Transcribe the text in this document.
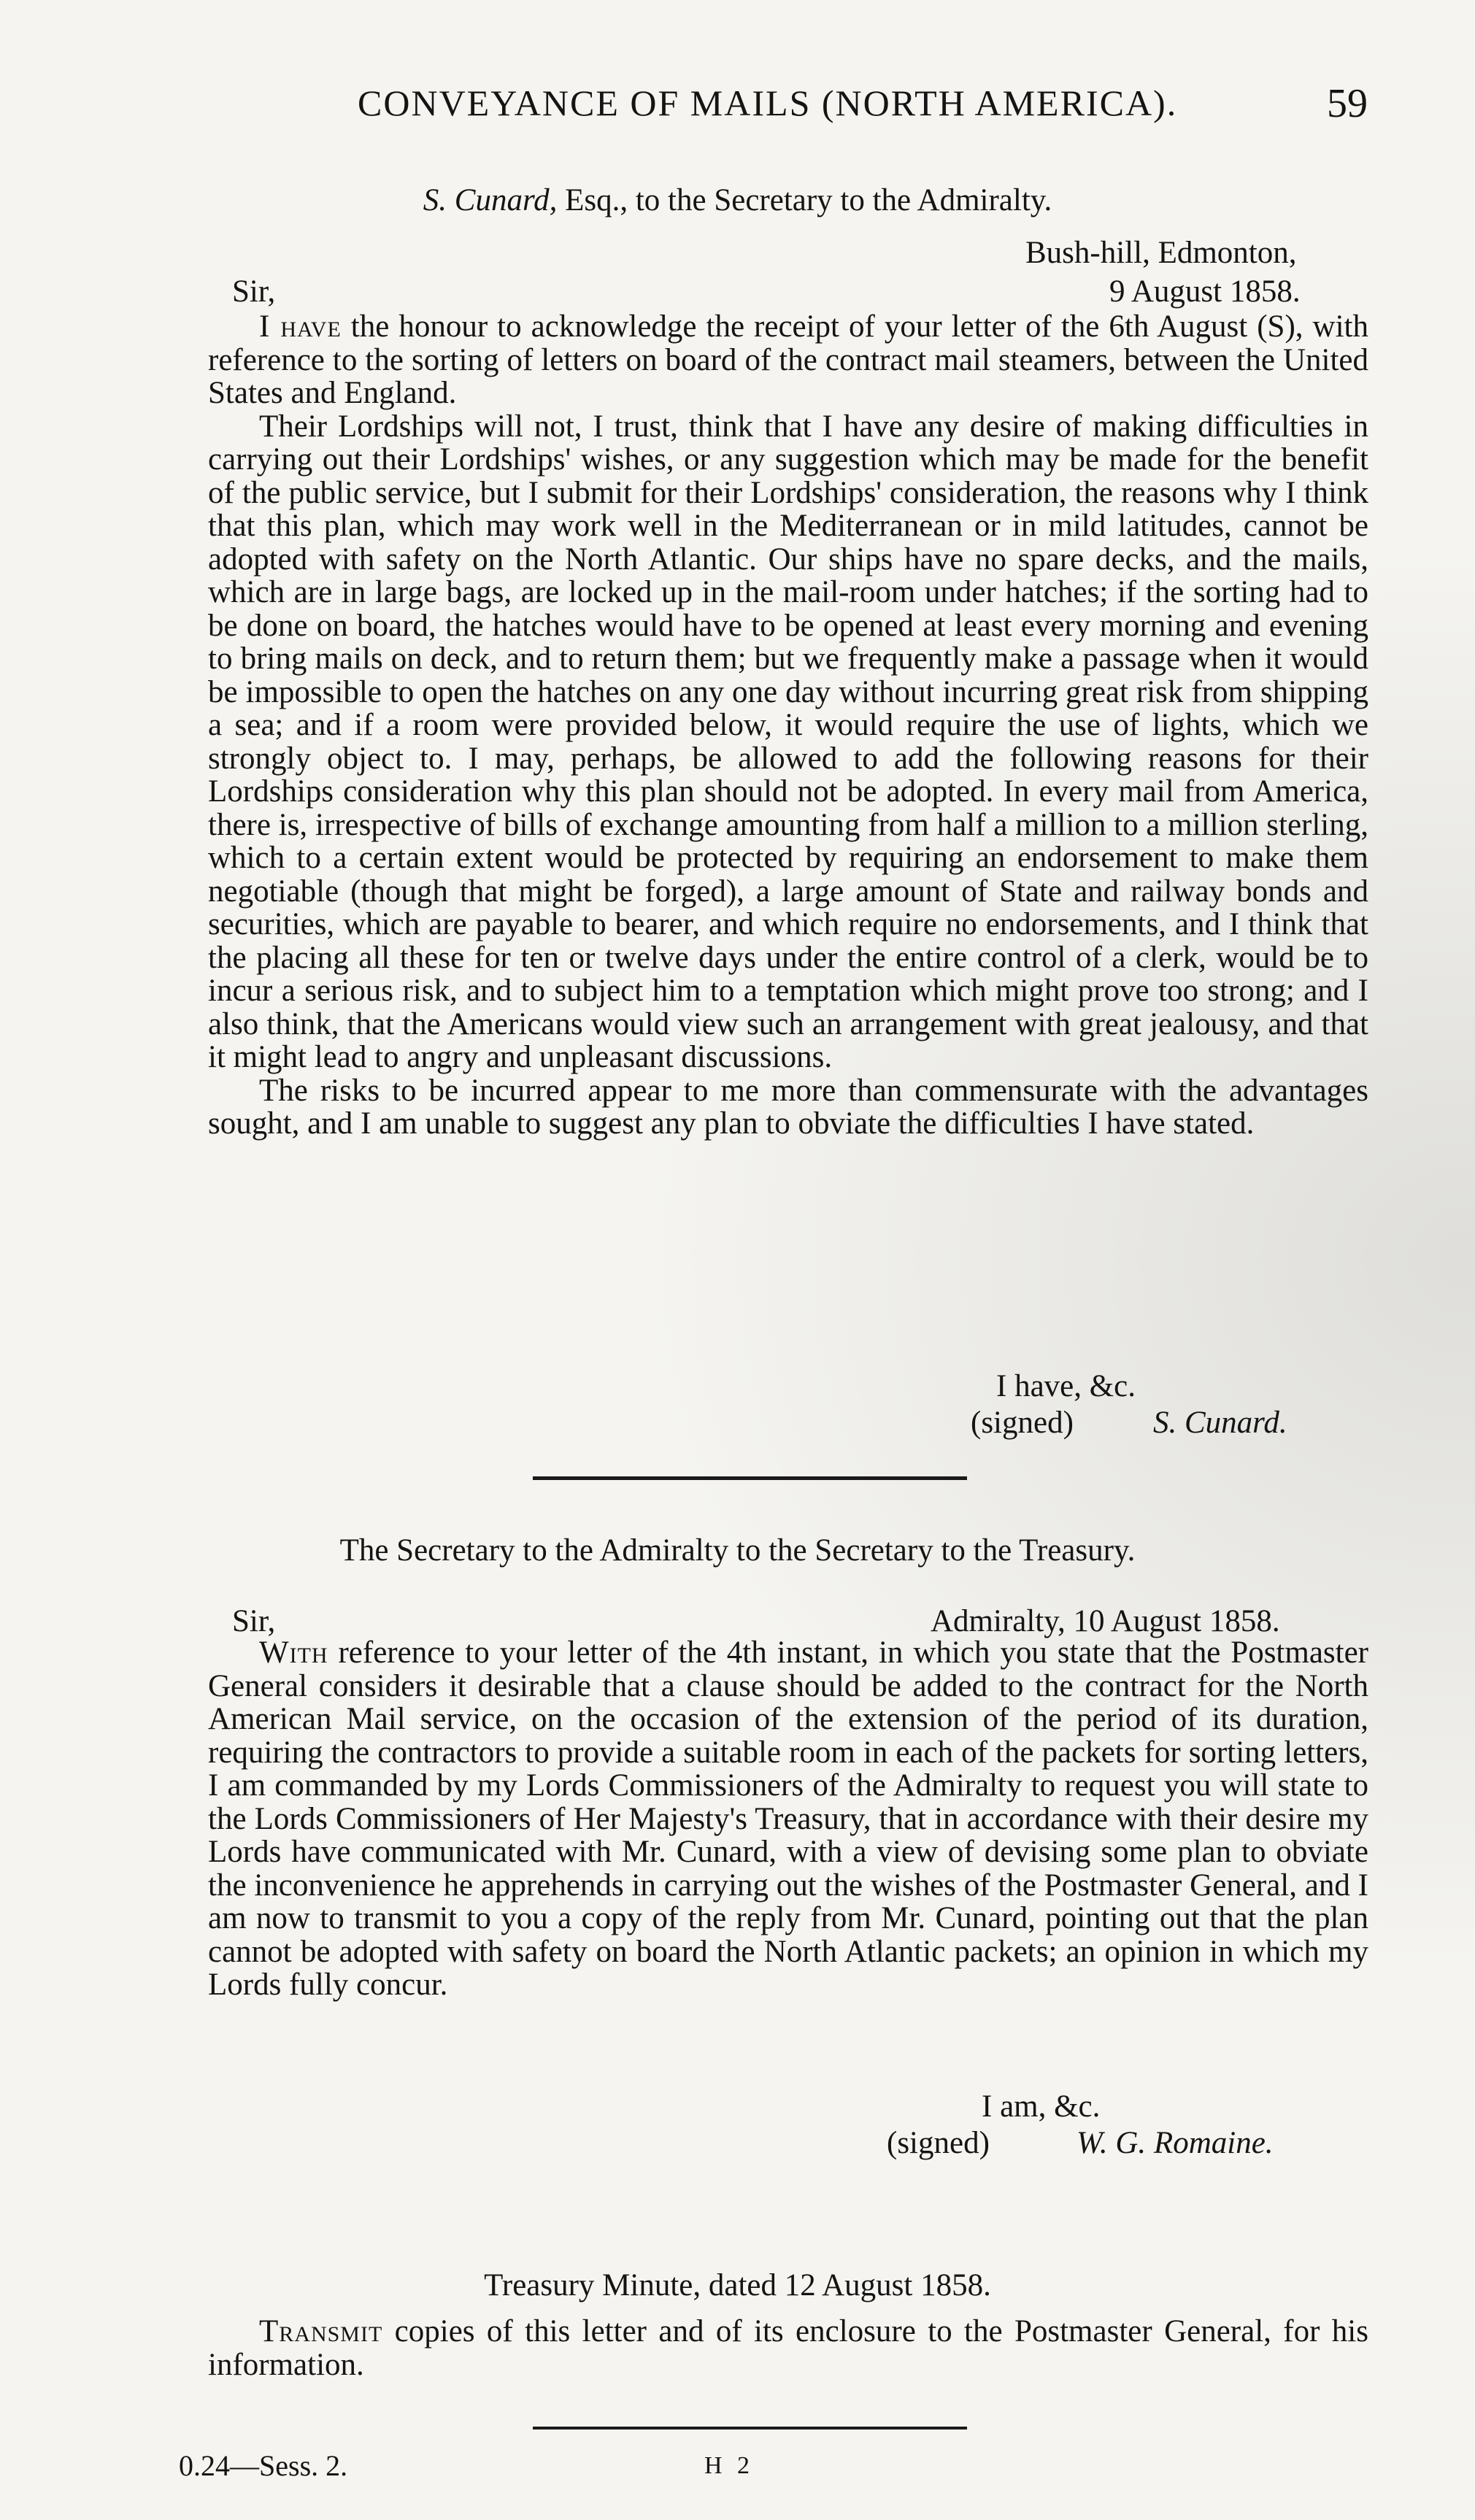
CONVEYANCE OF MAILS (NORTH AMERICA).	59
S. Cunard, Esq., to the Secretary to the Admiralty.
Bush-hill, Edmonton,
Sir,	9 August 1858.

I have the honour to acknowledge the receipt of your letter of the 6th August (S), with reference to the sorting of letters on board of the contract mail steamers, between the United States and England.

Their Lordships will not, I trust, think that I have any desire of making difficulties in carrying out their Lordships' wishes, or any suggestion which may be made for the benefit of the public service, but I submit for their Lordships' consideration, the reasons why I think that this plan, which may work well in the Mediterranean or in mild latitudes, cannot be adopted with safety on the North Atlantic. Our ships have no spare decks, and the mails, which are in large bags, are locked up in the mail-room under hatches; if the sorting had to be done on board, the hatches would have to be opened at least every morning and evening to bring mails on deck, and to return them; but we frequently make a passage when it would be impossible to open the hatches on any one day without incurring great risk from shipping a sea; and if a room were provided below, it would require the use of lights, which we strongly object to. I may, perhaps, be allowed to add the following reasons for their Lordships consideration why this plan should not be adopted. In every mail from America, there is, irrespective of bills of exchange amounting from half a million to a million sterling, which to a certain extent would be protected by requiring an endorsement to make them negotiable (though that might be forged), a large amount of State and railway bonds and securities, which are payable to bearer, and which require no endorsements, and I think that the placing all these for ten or twelve days under the entire control of a clerk, would be to incur a serious risk, and to subject him to a temptation which might prove too strong; and I also think, that the Americans would view such an arrangement with great jealousy, and that it might lead to angry and unpleasant discussions.

The risks to be incurred appear to me more than commensurate with the advantages sought, and I am unable to suggest any plan to obviate the difficulties I have stated.

I have, &c.
(signed)	S. Cunard.
The Secretary to the Admiralty to the Secretary to the Treasury.
Sir,	Admiralty, 10 August 1858.

With reference to your letter of the 4th instant, in which you state that the Postmaster General considers it desirable that a clause should be added to the contract for the North American Mail service, on the occasion of the extension of the period of its duration, requiring the contractors to provide a suitable room in each of the packets for sorting letters, I am commanded by my Lords Commissioners of the Admiralty to request you will state to the Lords Commissioners of Her Majesty's Treasury, that in accordance with their desire my Lords have communicated with Mr. Cunard, with a view of devising some plan to obviate the inconvenience he apprehends in carrying out the wishes of the Postmaster General, and I am now to transmit to you a copy of the reply from Mr. Cunard, pointing out that the plan cannot be adopted with safety on board the North Atlantic packets; an opinion in which my Lords fully concur.

I am, &c.
(signed)	W. G. Romaine.
Treasury Minute, dated 12 August 1858.

Transmit copies of this letter and of its enclosure to the Postmaster General, for his information.

0.24—Sess. 2.	H 2
